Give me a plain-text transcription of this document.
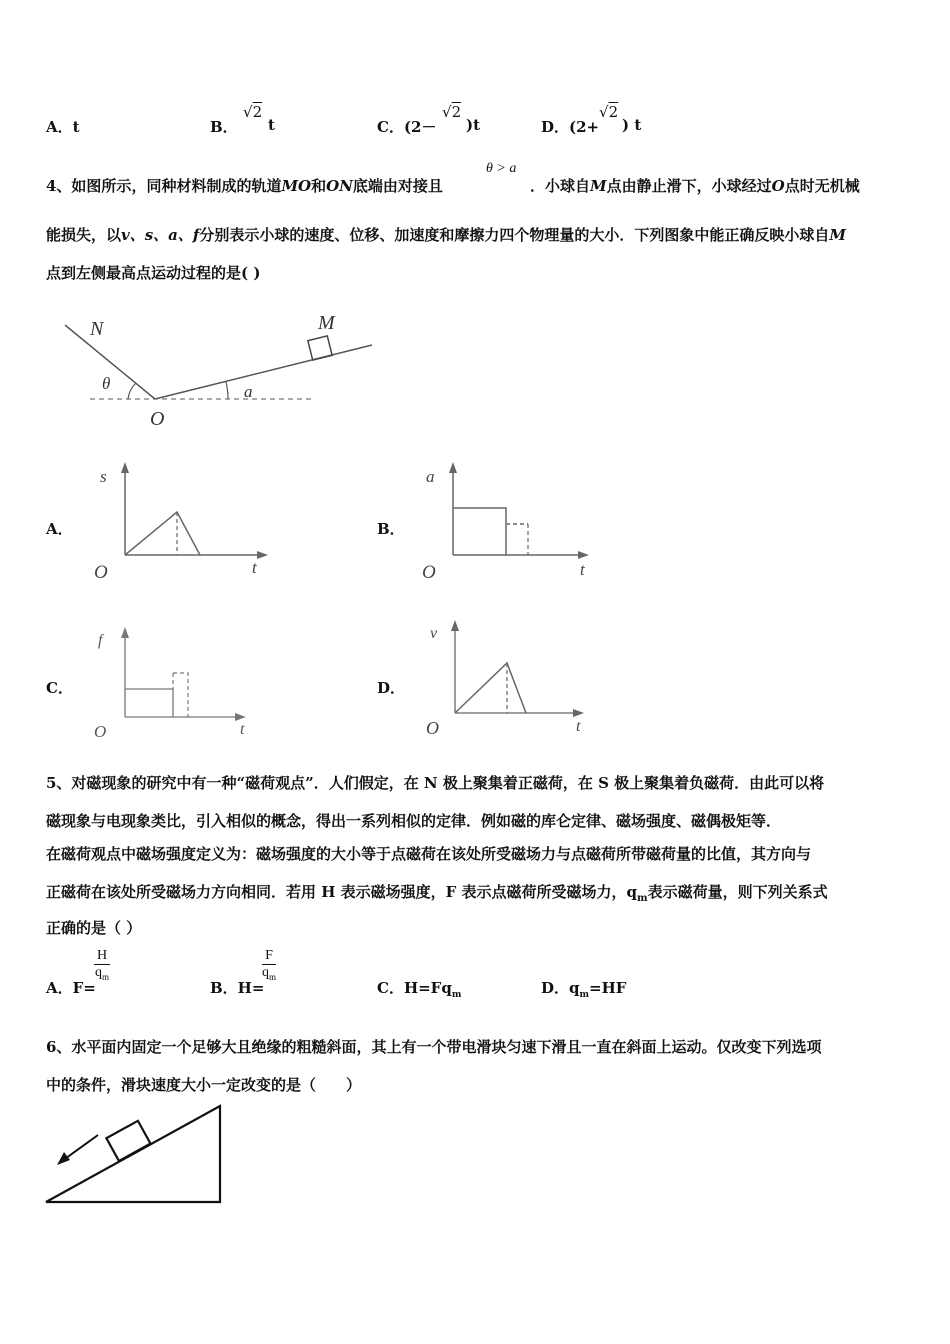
A．t	B．
√2
t	C．(2－
√2
)t	D．(2+
√2
) t
4、如图所示，同种材料制成的轨道MO和ON底端由对接且
θ > a
．小球自M点由静止滑下，小球经过O点时无机械
能损失，以v、s、a、f分别表示小球的速度、位移、加速度和摩擦力四个物理量的大小．下列图象中能正确反映小球自M
点到左侧最高点运动过程的是( )
N	M
θ	a
O
A．
s
t
O
B．
a
t
O
C．
f
t
O
D．
v
t
O
5、对磁现象的研究中有一种“磁荷观点”．人们假定，在 N 极上聚集着正磁荷，在 S 极上聚集着负磁荷．由此可以将
磁现象与电现象类比，引入相似的概念，得出一系列相似的定律．例如磁的库仑定律、磁场强度、磁偶极矩等．
在磁荷观点中磁场强度定义为：磁场强度的大小等于点磁荷在该处所受磁场力与点磁荷所带磁荷量的比值，其方向与
正磁荷在该处所受磁场力方向相同．若用 H 表示磁场强度，F 表示点磁荷所受磁场力，$q_m$表示磁荷量，则下列关系式
正确的是（ ）
A．F=
$\frac{H}{q_m}$
B．H=
$\frac{F}{q_m}$
C．$H=Fq_m$	D．$q_m=HF$
6、水平面内固定一个足够大且绝缘的粗糙斜面，其上有一个带电滑块匀速下滑且一直在斜面上运动。仅改变下列选项
中的条件，滑块速度大小一定改变的是（　　）
